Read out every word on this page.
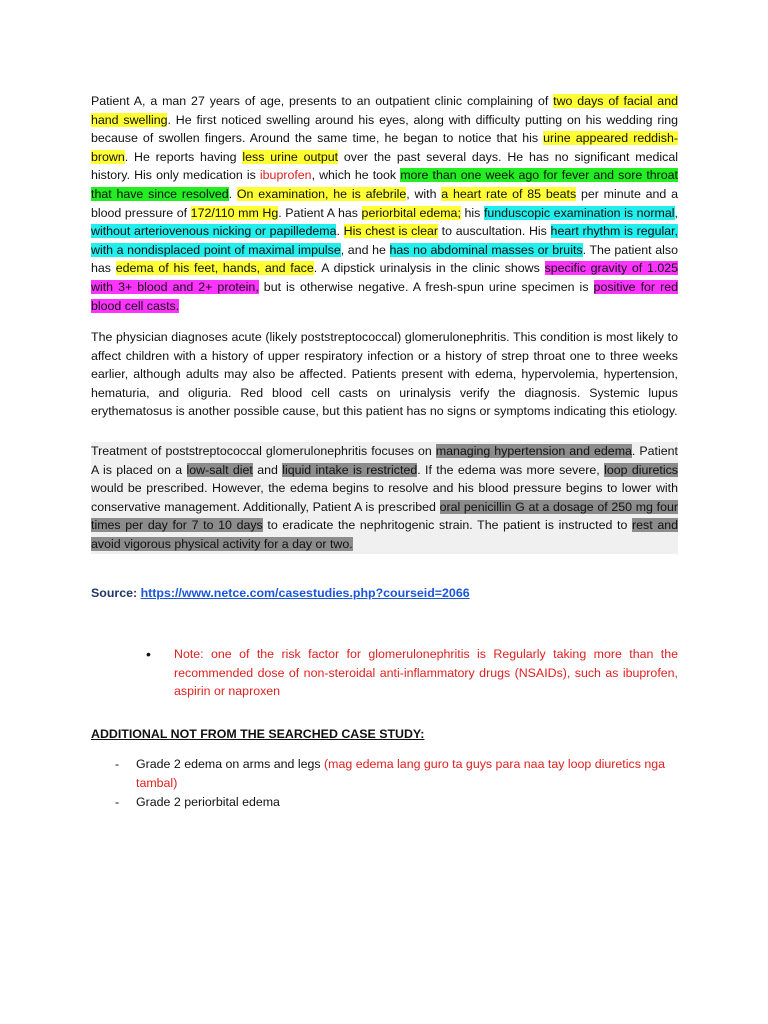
Patient A, a man 27 years of age, presents to an outpatient clinic complaining of two days of facial and hand swelling. He first noticed swelling around his eyes, along with difficulty putting on his wedding ring because of swollen fingers. Around the same time, he began to notice that his urine appeared reddish-brown. He reports having less urine output over the past several days. He has no significant medical history. His only medication is ibuprofen, which he took more than one week ago for fever and sore throat that have since resolved. On examination, he is afebrile, with a heart rate of 85 beats per minute and a blood pressure of 172/110 mm Hg. Patient A has periorbital edema; his funduscopic examination is normal, without arteriovenous nicking or papilledema. His chest is clear to auscultation. His heart rhythm is regular, with a nondisplaced point of maximal impulse, and he has no abdominal masses or bruits. The patient also has edema of his feet, hands, and face. A dipstick urinalysis in the clinic shows specific gravity of 1.025 with 3+ blood and 2+ protein, but is otherwise negative. A fresh-spun urine specimen is positive for red blood cell casts.

The physician diagnoses acute (likely poststreptococcal) glomerulonephritis. This condition is most likely to affect children with a history of upper respiratory infection or a history of strep throat one to three weeks earlier, although adults may also be affected. Patients present with edema, hypervolemia, hypertension, hematuria, and oliguria. Red blood cell casts on urinalysis verify the diagnosis. Systemic lupus erythematosus is another possible cause, but this patient has no signs or symptoms indicating this etiology.

Treatment of poststreptococcal glomerulonephritis focuses on managing hypertension and edema. Patient A is placed on a low-salt diet and liquid intake is restricted. If the edema was more severe, loop diuretics would be prescribed. However, the edema begins to resolve and his blood pressure begins to lower with conservative management. Additionally, Patient A is prescribed oral penicillin G at a dosage of 250 mg four times per day for 7 to 10 days to eradicate the nephritogenic strain. The patient is instructed to rest and avoid vigorous physical activity for a day or two.

Source: https://www.netce.com/casestudies.php?courseid=2066
• Note: one of the risk factor for glomerulonephritis is Regularly taking more than the recommended dose of non-steroidal anti-inflammatory drugs (NSAIDs), such as ibuprofen, aspirin or naproxen
ADDITIONAL NOT FROM THE SEARCHED CASE STUDY:
- Grade 2 edema on arms and legs (mag edema lang guro ta guys para naa tay loop diuretics nga tambal)
- Grade 2 periorbital edema
